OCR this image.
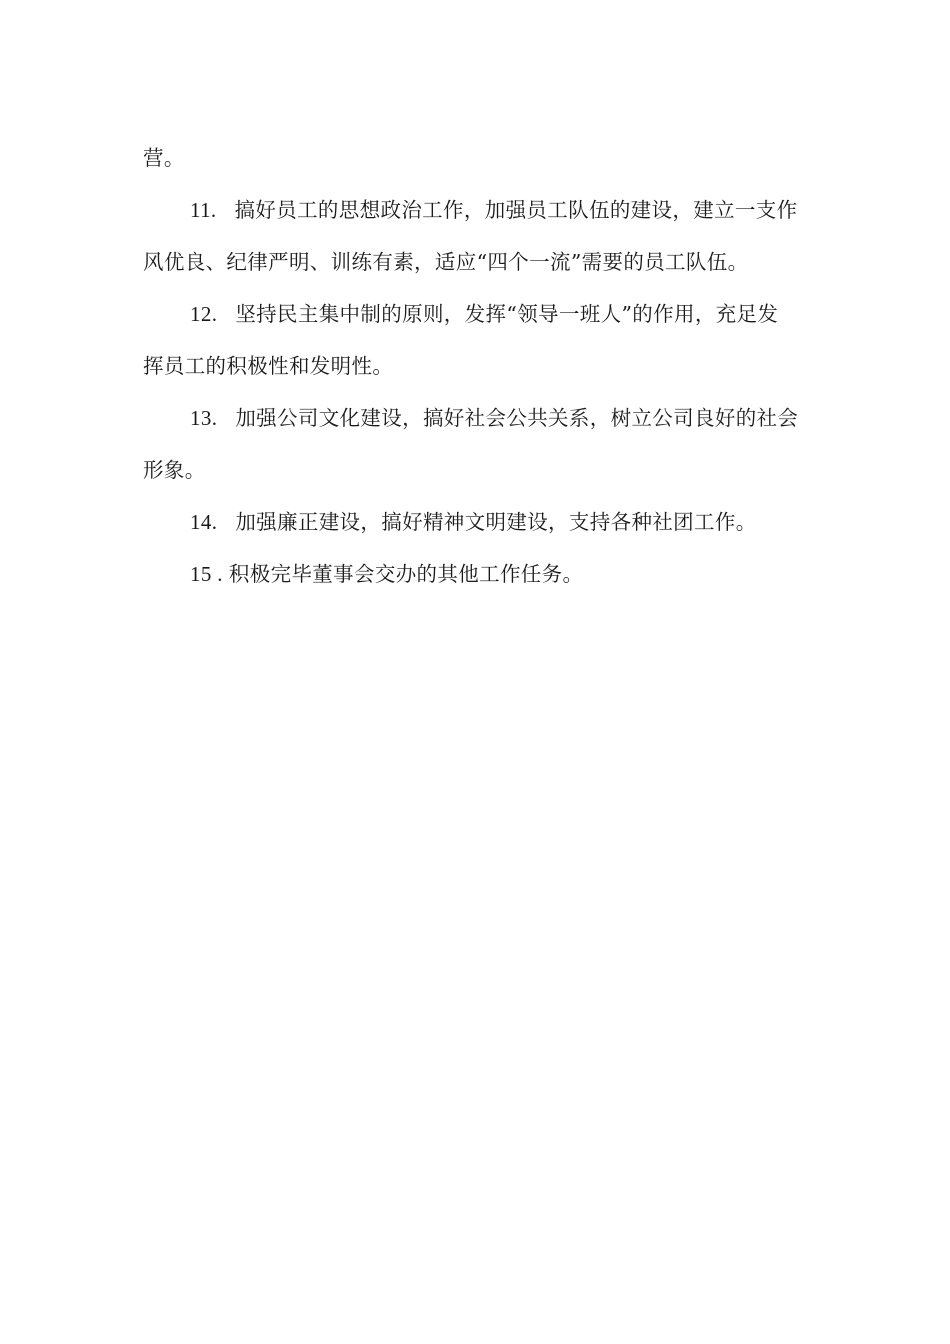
营。
11. 搞好员工的思想政治工作，加强员工队伍的建设，建立一支作
风优良、纪律严明、训练有素，适应“四个一流”需要的员工队伍。
12. 坚持民主集中制的原则，发挥“领导一班人”的作用，充足发
挥员工的积极性和发明性。
13. 加强公司文化建设，搞好社会公共关系，树立公司良好的社会
形象。
14. 加强廉正建设，搞好精神文明建设，支持各种社团工作。
15 . 积极完毕董事会交办的其他工作任务。
